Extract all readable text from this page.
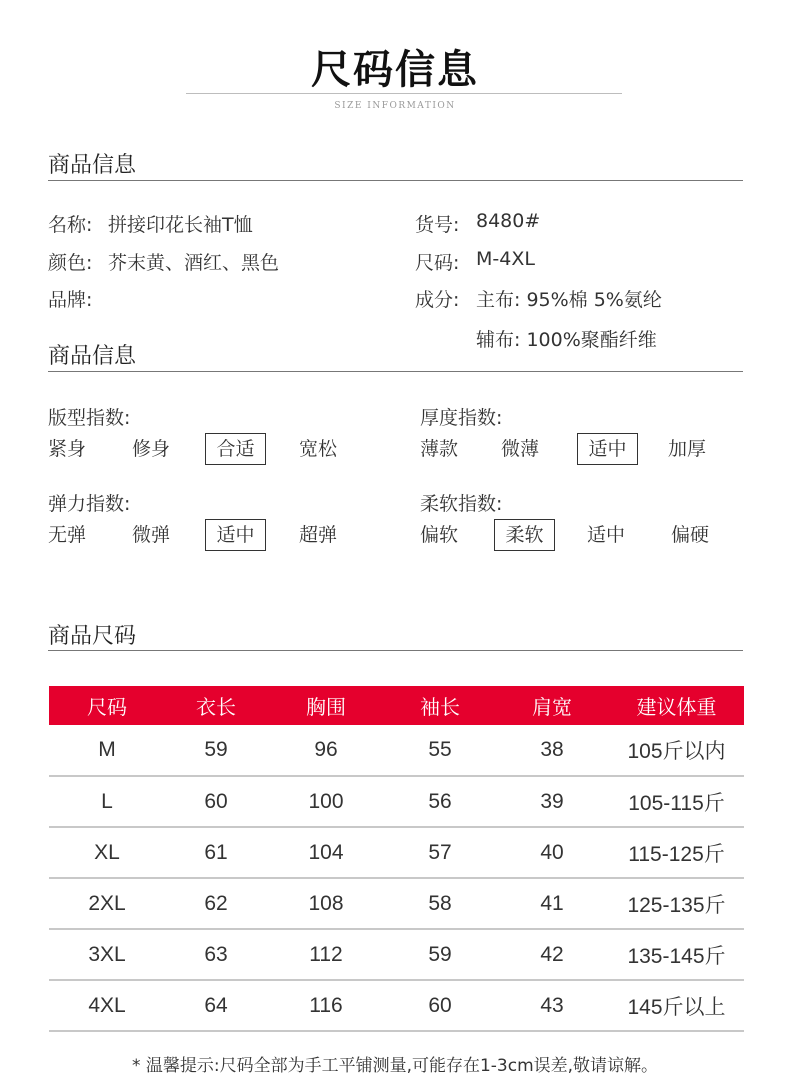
尺码信息
SIZE INFORMATION
商品信息
名称: 拼接印花长袖T恤
颜色: 芥末黄、酒红、黑色
品牌:
货号: 8480#
尺码: M-4XL
成分: 主布: 95%棉 5%氨纶
辅布: 100%聚酯纤维
商品信息
版型指数:
紧身 修身	合适	宽松
厚度指数:
薄款 微薄	适中	加厚
弹力指数:
无弹 微弹	适中	超弹
柔软指数:
偏软	柔软	适中 偏硬
商品尺码
尺码	衣长	胸围	袖长	肩宽	建议体重
M	59	96	55	38	105斤以内
L	60	100	56	39	105-115斤
XL	61	104	57	40	115-125斤
2XL	62	108	58	41	125-135斤
3XL	63	112	59	42	135-145斤
4XL	64	116	60	43	145斤以上
* 温馨提示:尺码全部为手工平铺测量,可能存在1-3cm误差,敬请谅解。
